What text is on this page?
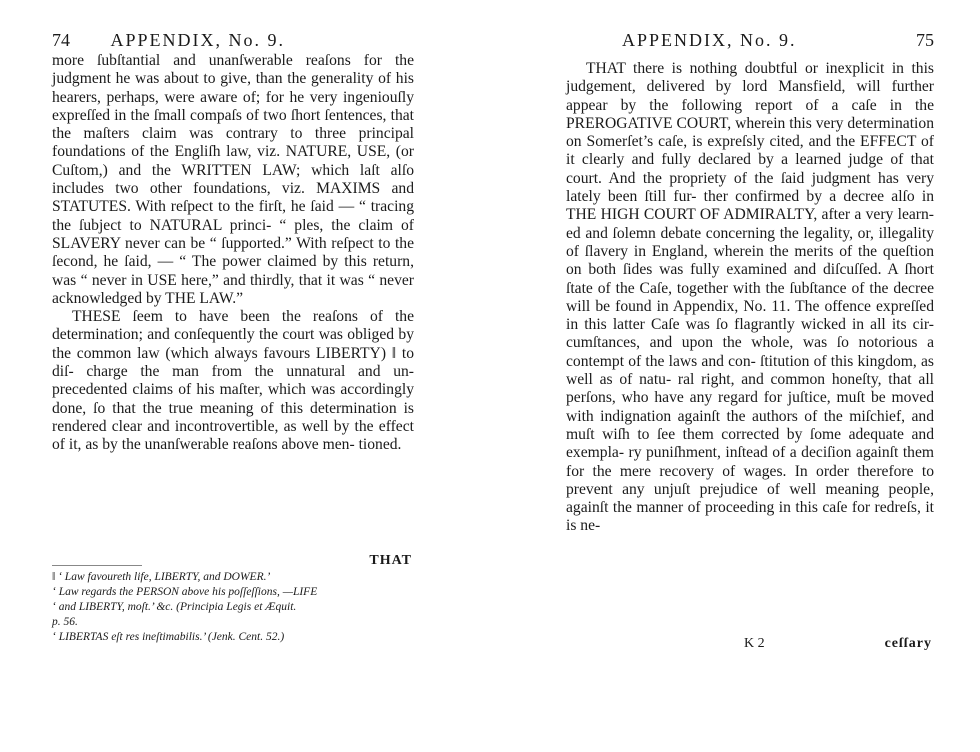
74 APPENDIX, No. 9.

more ſubſtantial and unanſwerable reaſons for the judgment he was about to give, than the generality of his hearers, perhaps, were aware of; for he very ingeniouſly expreſſed in the ſmall compaſs of two ſhort ſentences, that the maſters claim was contrary to three principal foundations of the Engliſh law, viz. NATURE, USE, (or Cuſtom,) and the WRITTEN LAW; which laſt alſo includes two other foundations, viz. MAXIMS and STATUTES. With reſpect to the firſt, he ſaid — “ tracing the ſubject to NATURAL princi- “ ples, the claim of SLAVERY never can be “ ſupported.” With reſpect to the ſecond, he ſaid, — “ The power claimed by this return, was “ never in USE here,” and thirdly, that it was “ never acknowledged by THE LAW.”

THESE ſeem to have been the reaſons of the determination; and conſequently the court was obliged by the common law (which always favours LIBERTY) ‖ to diſ- charge the man from the unnatural and un- precedented claims of his maſter, which was accordingly done, ſo that the true meaning of this determination is rendered clear and incontrovertible, as well by the effect of it, as by the unanſwerable reaſons above men- tioned.

THAT

‖ ‘ Law favoureth life, LIBERTY, and DOWER.’

‘ Law regards the PERSON above his poſſeſſions, —LIFE

‘ and LIBERTY, moſt.’ &c. (Principia Legis et Æquit.

p. 56.

‘ LIBERTAS eſt res ineſtimabilis.’ (Jenk. Cent. 52.)

APPENDIX, No. 9.	75

THAT there is nothing doubtful or inexplicit in this judgement, delivered by lord Mansfield, will further appear by the following report of a caſe in the PREROGATIVE COURT, wherein this very determination on Somerſet’s caſe, is expreſsly cited, and the EFFECT of it clearly and fully declared by a learned judge of that court. And the propriety of the ſaid judgment has very lately been ſtill fur- ther confirmed by a decree alſo in THE HIGH COURT OF ADMIRALTY, after a very learn- ed and ſolemn debate concerning the legality, or, illegality of ſlavery in England, wherein the merits of the queſtion on both ſides was fully examined and diſcuſſed. A ſhort ſtate of the Caſe, together with the ſubſtance of the decree will be found in Appendix, No. 11. The offence expreſſed in this latter Caſe was ſo flagrantly wicked in all its cir- cumſtances, and upon the whole, was ſo notorious a contempt of the laws and con- ſtitution of this kingdom, as well as of natu- ral right, and common honeſty, that all perſons, who have any regard for juſtice, muſt be moved with indignation againſt the authors of the miſchief, and muſt wiſh to ſee them corrected by ſome adequate and exempla- ry puniſhment, inſtead of a deciſion againſt them for the mere recovery of wages. In order therefore to prevent any unjuſt prejudice of well meaning people, againſt the manner of proceeding in this caſe for redreſs, it is ne-

K 2	ceſſary
